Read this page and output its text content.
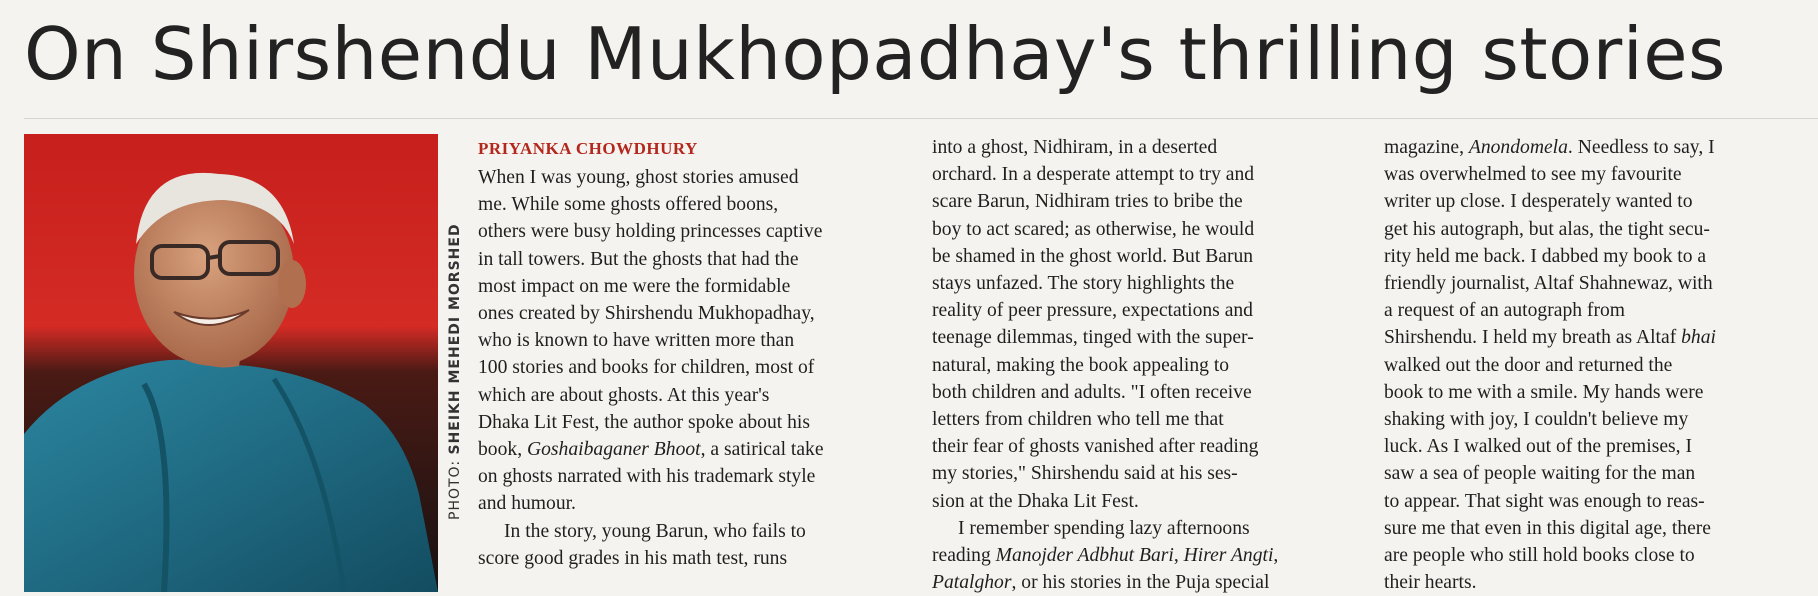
On Shirshendu Mukhopadhay's thrilling stories
PHOTO: SHEIKH MEHEDI MORSHED

PRIYANKA CHOWDHURY

When I was young, ghost stories amused
me. While some ghosts offered boons,
others were busy holding princesses captive
in tall towers. But the ghosts that had the
most impact on me were the formidable
ones created by Shirshendu Mukhopadhay,
who is known to have written more than
100 stories and books for children, most of
which are about ghosts. At this year's
Dhaka Lit Fest, the author spoke about his
book, Goshaibaganer Bhoot, a satirical take
on ghosts narrated with his trademark style
and humour.

In the story, young Barun, who fails to
score good grades in his math test, runs

into a ghost, Nidhiram, in a deserted
orchard. In a desperate attempt to try and
scare Barun, Nidhiram tries to bribe the
boy to act scared; as otherwise, he would
be shamed in the ghost world. But Barun
stays unfazed. The story highlights the
reality of peer pressure, expectations and
teenage dilemmas, tinged with the super-
natural, making the book appealing to
both children and adults. "I often receive
letters from children who tell me that
their fear of ghosts vanished after reading
my stories," Shirshendu said at his ses-
sion at the Dhaka Lit Fest.

I remember spending lazy afternoons
reading Manojder Adbhut Bari, Hirer Angti,
Patalghor, or his stories in the Puja special

magazine, Anondomela. Needless to say, I
was overwhelmed to see my favourite
writer up close. I desperately wanted to
get his autograph, but alas, the tight secu-
rity held me back. I dabbed my book to a
friendly journalist, Altaf Shahnewaz, with
a request of an autograph from
Shirshendu. I held my breath as Altaf bhai
walked out the door and returned the
book to me with a smile. My hands were
shaking with joy, I couldn't believe my
luck. As I walked out of the premises, I
saw a sea of people waiting for the man
to appear. That sight was enough to reas-
sure me that even in this digital age, there
are people who still hold books close to
their hearts.
